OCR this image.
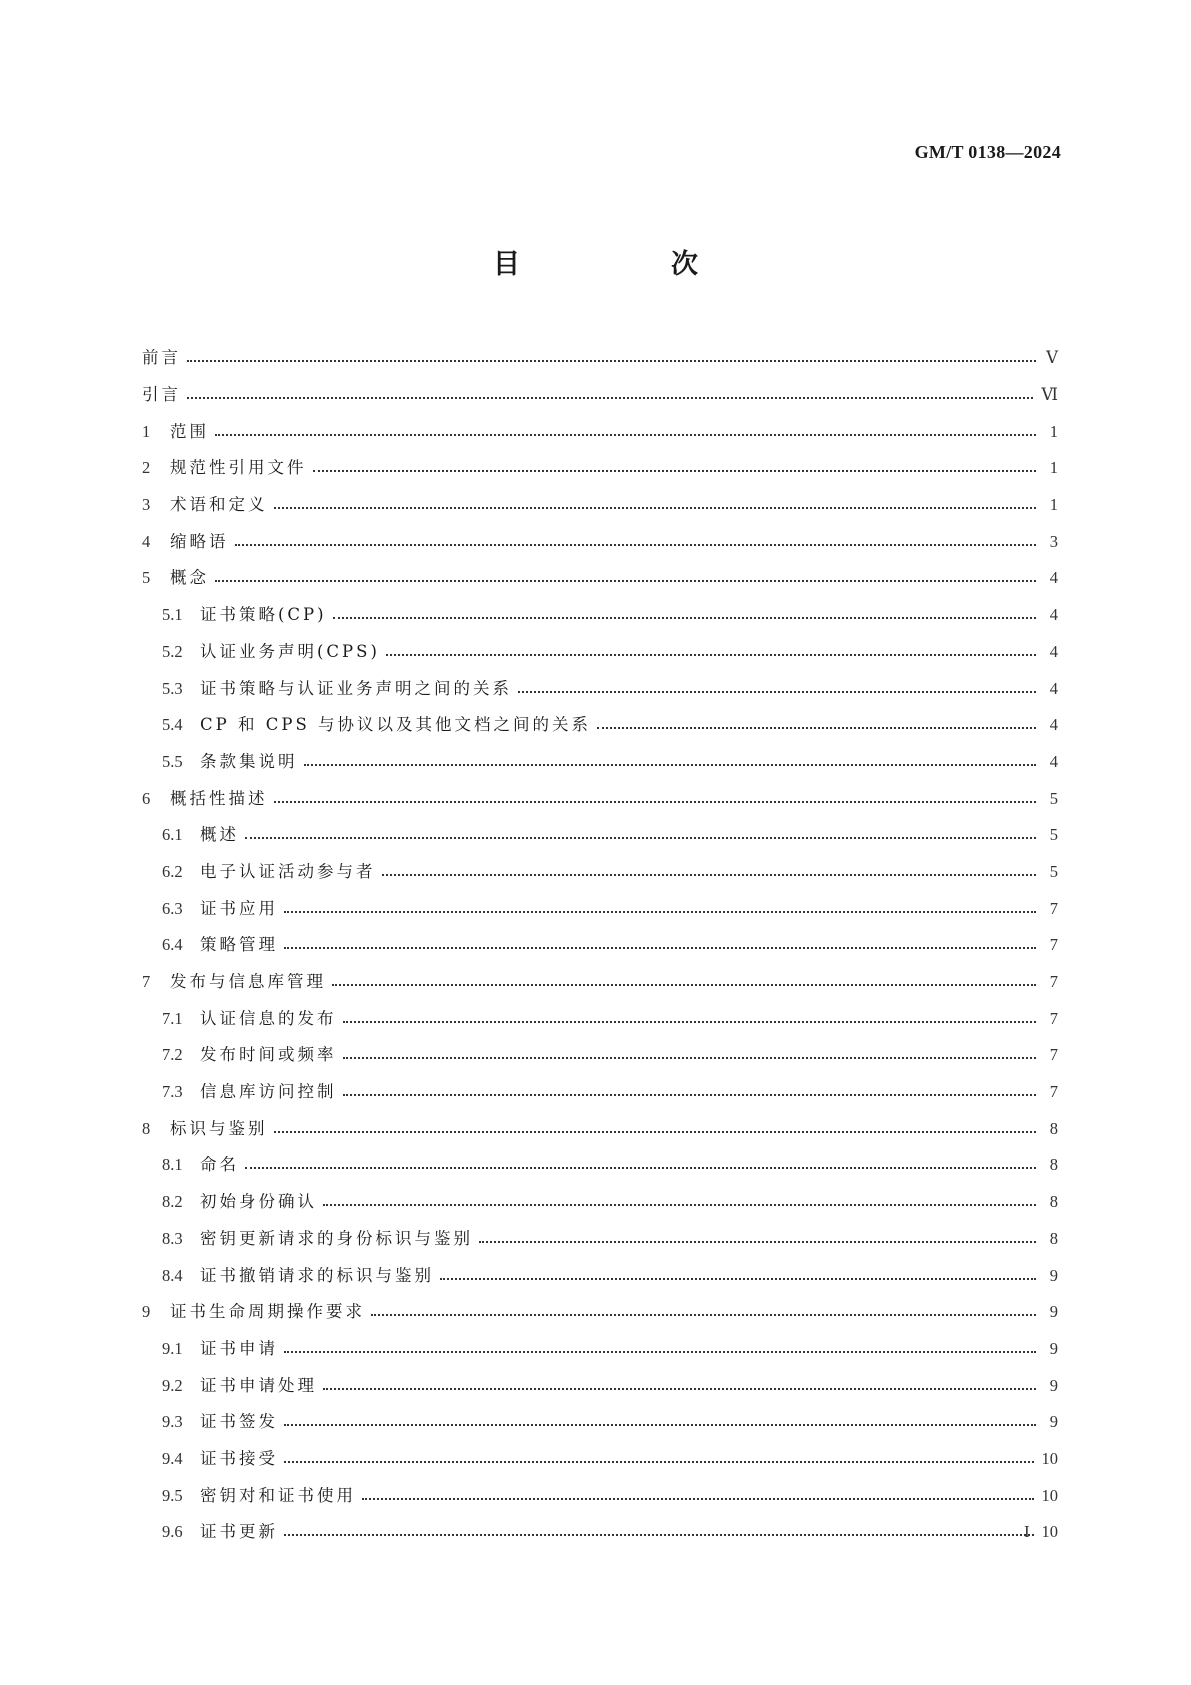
GM/T 0138—2024
目　次
前言	Ⅴ
引言	Ⅵ
1	范围	1
2	规范性引用文件	1
3	术语和定义	1
4	缩略语	3
5	概念	4
5.1	证书策略(CP)	4
5.2	认证业务声明(CPS)	4
5.3	证书策略与认证业务声明之间的关系	4
5.4	CP 和 CPS 与协议以及其他文档之间的关系	4
5.5	条款集说明	4
6	概括性描述	5
6.1	概述	5
6.2	电子认证活动参与者	5
6.3	证书应用	7
6.4	策略管理	7
7	发布与信息库管理	7
7.1	认证信息的发布	7
7.2	发布时间或频率	7
7.3	信息库访问控制	7
8	标识与鉴别	8
8.1	命名	8
8.2	初始身份确认	8
8.3	密钥更新请求的身份标识与鉴别	8
8.4	证书撤销请求的标识与鉴别	9
9	证书生命周期操作要求	9
9.1	证书申请	9
9.2	证书申请处理	9
9.3	证书签发	9
9.4	证书接受	10
9.5	密钥对和证书使用	10
9.6	证书更新	10
I
